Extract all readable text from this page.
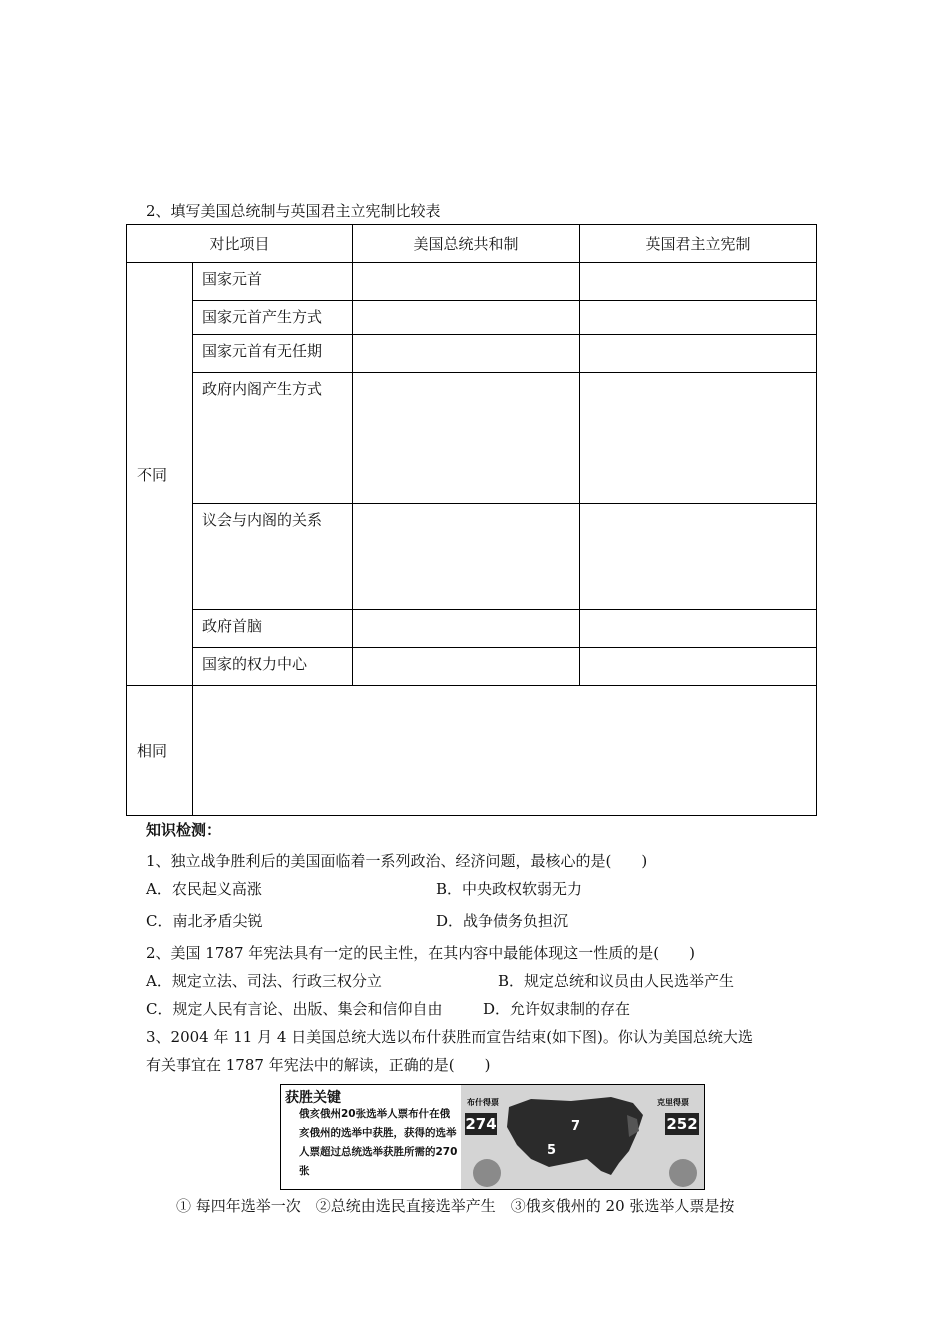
2、填写美国总统制与英国君主立宪制比较表
对比项目		美国总统共和制	英国君主立宪制
不同	国家元首		

	国家元首产生方式		

	国家元首有无任期		

	政府内阁产生方式		

	议会与内阁的关系		

	政府首脑		

	国家的权力中心		

相同			
知识检测：
1、独立战争胜利后的美国面临着一系列政治、经济问题，最核心的是(　　)
A．农民起义高涨	B．中央政权软弱无力
C．南北矛盾尖锐	D．战争债务负担沉
2、美国 1787 年宪法具有一定的民主性，在其内容中最能体现这一性质的是(　　)
A．规定立法、司法、行政三权分立	B．规定总统和议员由人民选举产生
C．规定人民有言论、出版、集会和信仰自由	D．允许奴隶制的存在
3、2004 年 11 月 4 日美国总统大选以布什获胜而宣告结束(如下图)。你认为美国总统大选
有关事宜在 1787 年宪法中的解读，正确的是(　　)
获胜关键
俄亥俄州20张选举人票布什在俄亥俄州的选举中获胜，获得的选举人票超过总统选举获胜所需的270张
布什得票
274
克里得票
252
7
5
① 每四年选举一次　②总统由选民直接选举产生　③俄亥俄州的 20 张选举人票是按
